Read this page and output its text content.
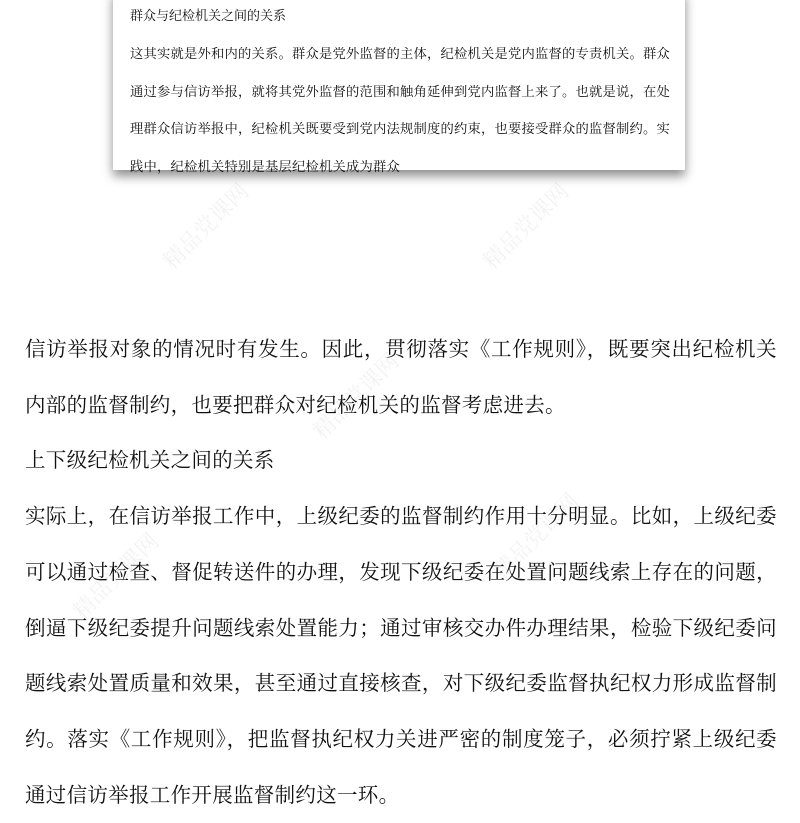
群众与纪检机关之间的关系
这其实就是外和内的关系。群众是党外监督的主体，纪检机关是党内监督的专责机关。群众通过参与信访举报，就将其党外监督的范围和触角延伸到党内监督上来了。也就是说，在处理群众信访举报中，纪检机关既要受到党内法规制度的约束，也要接受群众的监督制约。实践中，纪检机关特别是基层纪检机关成为群众

信访举报对象的情况时有发生。因此，贯彻落实《工作规则》，既要突出纪检机关内部的监督制约，也要把群众对纪检机关的监督考虑进去。

上下级纪检机关之间的关系

实际上，在信访举报工作中，上级纪委的监督制约作用十分明显。比如，上级纪委可以通过检查、督促转送件的办理，发现下级纪委在处置问题线索上存在的问题，倒逼下级纪委提升问题线索处置能力；通过审核交办件办理结果，检验下级纪委问题线索处置质量和效果，甚至通过直接核查，对下级纪委监督执纪权力形成监督制约。落实《工作规则》，把监督执纪权力关进严密的制度笼子，必须拧紧上级纪委通过信访举报工作开展监督制约这一环。

精品党课网	精品党课网
精品党课网
精品党课网
精品党课网
